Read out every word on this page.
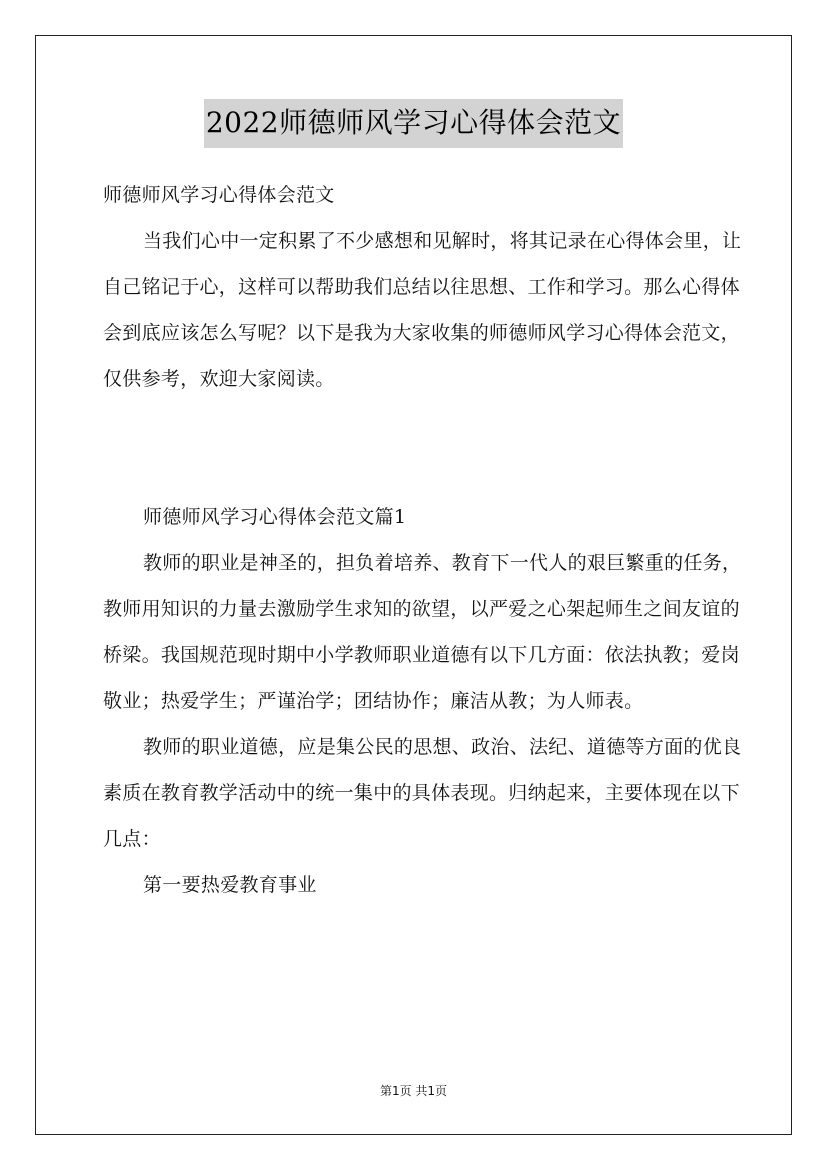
2022师德师风学习心得体会范文

师德师风学习心得体会范文

当我们心中一定积累了不少感想和见解时，将其记录在心得体会里，让自己铭记于心，这样可以帮助我们总结以往思想、工作和学习。那么心得体会到底应该怎么写呢？以下是我为大家收集的师德师风学习心得体会范文，仅供参考，欢迎大家阅读。

师德师风学习心得体会范文篇1

教师的职业是神圣的，担负着培养、教育下一代人的艰巨繁重的任务，教师用知识的力量去激励学生求知的欲望，以严爱之心架起师生之间友谊的桥梁。我国规范现时期中小学教师职业道德有以下几方面：依法执教；爱岗敬业；热爱学生；严谨治学；团结协作；廉洁从教；为人师表。

教师的职业道德，应是集公民的思想、政治、法纪、道德等方面的优良素质在教育教学活动中的统一集中的具体表现。归纳起来，主要体现在以下几点：

第一要热爱教育事业

第1页 共1页
